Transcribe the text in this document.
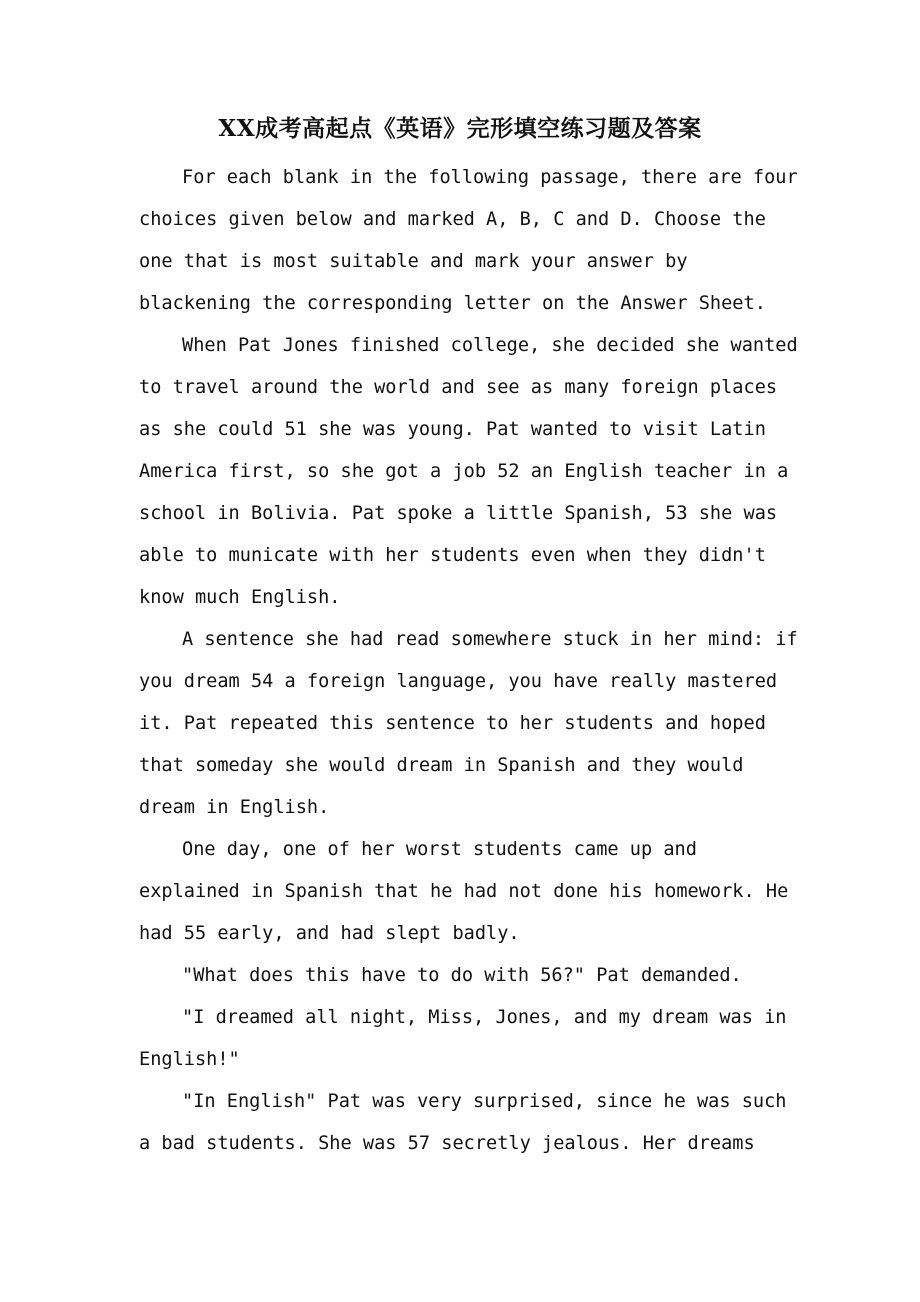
XX成考高起点《英语》完形填空练习题及答案

For each blank in the following passage, there are four choices given below and marked A, B, C and D. Choose the one that is most suitable and mark your answer by blackening the corresponding letter on the Answer Sheet.

When Pat Jones finished college, she decided she wanted to travel around the world and see as many foreign places as she could 51 she was young. Pat wanted to visit Latin America first, so she got a job 52 an English teacher in a school in Bolivia. Pat spoke a little Spanish, 53 she was able to municate with her students even when they didn't know much English.

A sentence she had read somewhere stuck in her mind: if you dream 54 a foreign language, you have really mastered it. Pat repeated this sentence to her students and hoped that someday she would dream in Spanish and they would dream in English.

One day, one of her worst students came up and explained in Spanish that he had not done his homework. He had 55 early, and had slept badly.

"What does this have to do with 56?" Pat demanded.

"I dreamed all night, Miss, Jones, and my dream was in English!"

"In English" Pat was very surprised, since he was such a bad students. She was 57 secretly jealous. Her dreams
